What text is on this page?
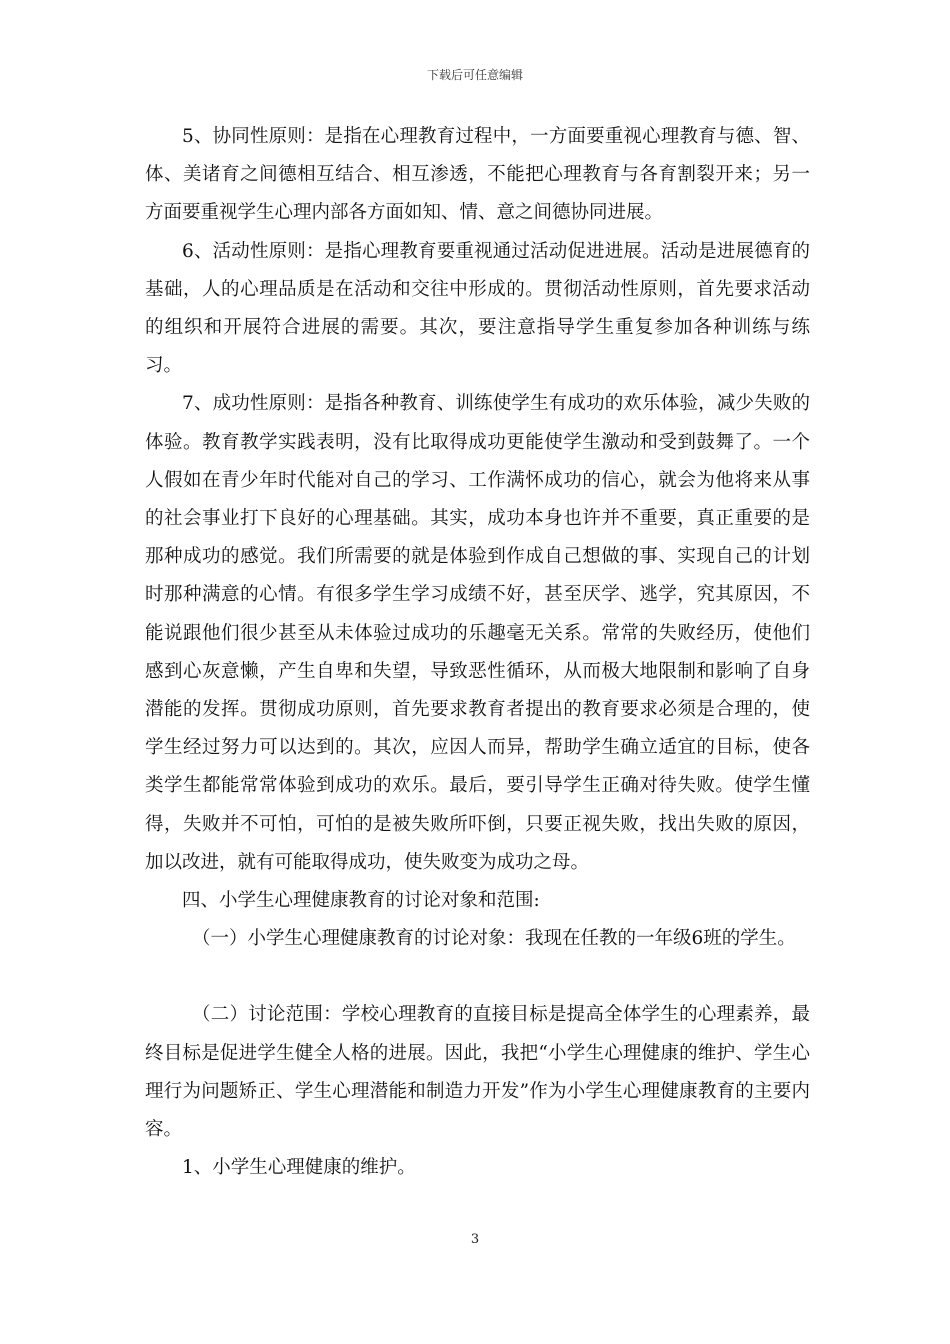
下载后可任意编辑

5、协同性原则：是指在心理教育过程中，一方面要重视心理教育与德、智、体、美诸育之间德相互结合、相互渗透，不能把心理教育与各育割裂开来；另一方面要重视学生心理内部各方面如知、情、意之间德协同进展。

6、活动性原则：是指心理教育要重视通过活动促进进展。活动是进展德育的基础，人的心理品质是在活动和交往中形成的。贯彻活动性原则，首先要求活动的组织和开展符合进展的需要。其次，要注意指导学生重复参加各种训练与练习。

7、成功性原则：是指各种教育、训练使学生有成功的欢乐体验，减少失败的体验。教育教学实践表明，没有比取得成功更能使学生激动和受到鼓舞了。一个人假如在青少年时代能对自己的学习、工作满怀成功的信心，就会为他将来从事的社会事业打下良好的心理基础。其实，成功本身也许并不重要，真正重要的是那种成功的感觉。我们所需要的就是体验到作成自己想做的事、实现自己的计划时那种满意的心情。有很多学生学习成绩不好，甚至厌学、逃学，究其原因，不能说跟他们很少甚至从未体验过成功的乐趣毫无关系。常常的失败经历，使他们感到心灰意懒，产生自卑和失望，导致恶性循环，从而极大地限制和影响了自身潜能的发挥。贯彻成功原则，首先要求教育者提出的教育要求必须是合理的，使学生经过努力可以达到的。其次，应因人而异，帮助学生确立适宜的目标，使各类学生都能常常体验到成功的欢乐。最后，要引导学生正确对待失败。使学生懂得，失败并不可怕，可怕的是被失败所吓倒，只要正视失败，找出失败的原因，加以改进，就有可能取得成功，使失败变为成功之母。

四、小学生心理健康教育的讨论对象和范围:

（一）小学生心理健康教育的讨论对象：我现在任教的一年级6班的学生。

（二）讨论范围：学校心理教育的直接目标是提高全体学生的心理素养，最终目标是促进学生健全人格的进展。因此，我把“小学生心理健康的维护、学生心理行为问题矫正、学生心理潜能和制造力开发”作为小学生心理健康教育的主要内容。

1、小学生心理健康的维护。

3
